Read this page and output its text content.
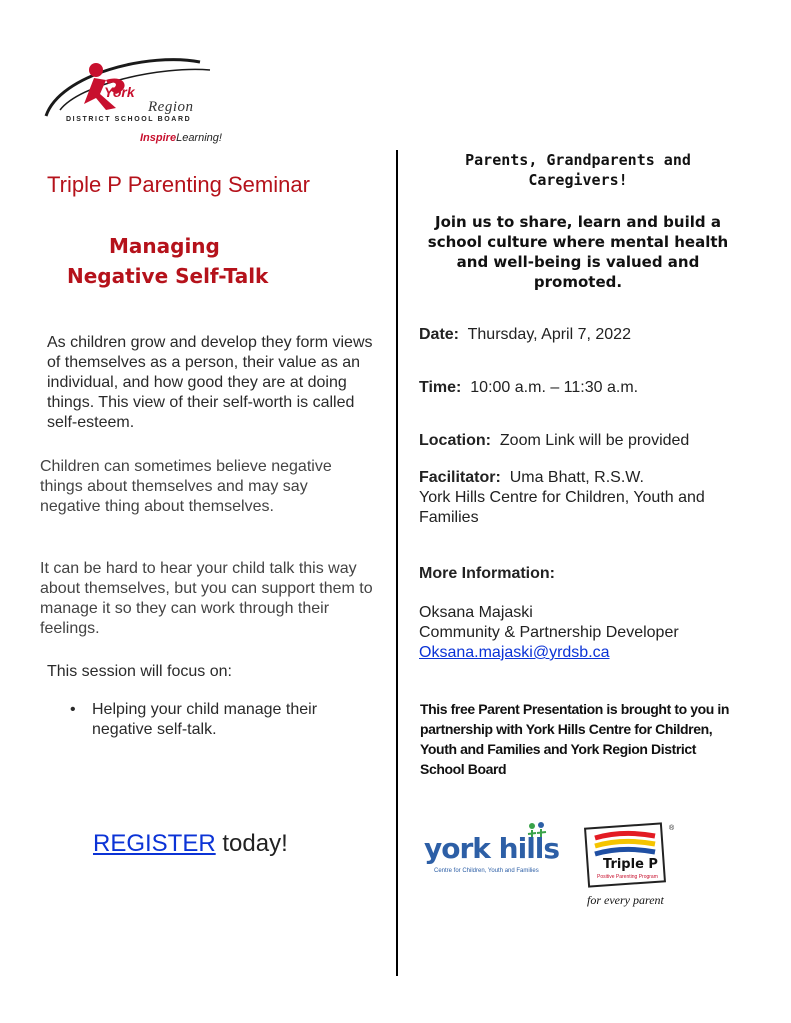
York
Region
DISTRICT SCHOOL BOARD
InspireLearning!
Triple P Parenting Seminar
Managing
Negative Self-Talk
As children grow and develop they form views of themselves as a person, their value as an individual, and how good they are at doing things. This view of their self-worth is called self-esteem.
Children can sometimes believe negative things about themselves and may say negative thing about themselves.
It can be hard to hear your child talk this way about themselves, but you can support them to manage it so they can work through their feelings.
This session will focus on:
• Helping your child manage their negative self-talk.
REGISTER today!
Parents, Grandparents and Caregivers!
Join us to share, learn and build a school culture where mental health and well-being is valued and promoted.
Date: Thursday, April 7, 2022
Time: 10:00 a.m. – 11:30 a.m.
Location: Zoom Link will be provided
Facilitator: Uma Bhatt, R.S.W.
York Hills Centre for Children, Youth and Families
More Information:
Oksana Majaski
Community & Partnership Developer
Oksana.majaski@yrdsb.ca
This free Parent Presentation is brought to you in partnership with York Hills Centre for Children, Youth and Families and York Region District School Board
york hills
Centre for Children, Youth and Families	Triple P
Positive Parenting Program
for every parent
®
